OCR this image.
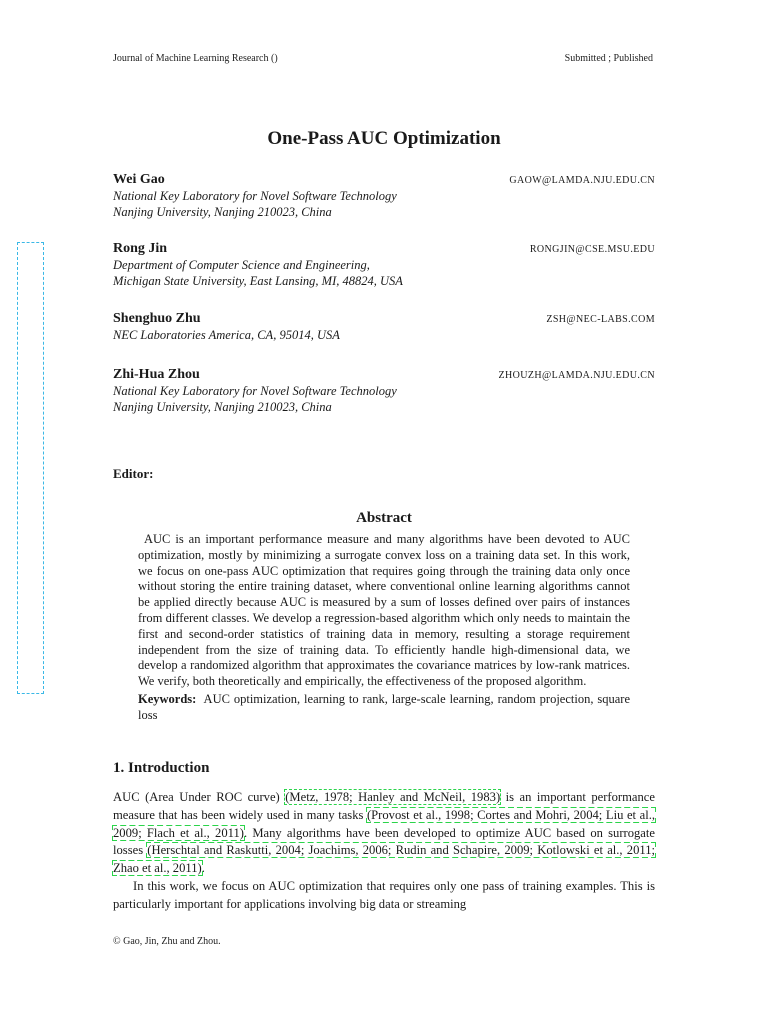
Journal of Machine Learning Research ()	Submitted ; Published
One-Pass AUC Optimization
Wei Gao	GAOW@LAMDA.NJU.EDU.CN
National Key Laboratory for Novel Software Technology
Nanjing University, Nanjing 210023, China
Rong Jin	RONGJIN@CSE.MSU.EDU
Department of Computer Science and Engineering,
Michigan State University, East Lansing, MI, 48824, USA
Shenghuo Zhu	ZSH@NEC-LABS.COM
NEC Laboratories America, CA, 95014, USA
Zhi-Hua Zhou	ZHOUZH@LAMDA.NJU.EDU.CN
National Key Laboratory for Novel Software Technology
Nanjing University, Nanjing 210023, China
Editor:
Abstract

AUC is an important performance measure and many algorithms have been devoted to AUC optimization, mostly by minimizing a surrogate convex loss on a training data set. In this work, we focus on one-pass AUC optimization that requires going through the training data only once without storing the entire training dataset, where conventional online learning algorithms cannot be applied directly because AUC is measured by a sum of losses defined over pairs of instances from different classes. We develop a regression-based algorithm which only needs to maintain the first and second-order statistics of training data in memory, resulting a storage requirement independent from the size of training data. To efficiently handle high-dimensional data, we develop a randomized algorithm that approximates the covariance matrices by low-rank matrices. We verify, both theoretically and empirically, the effectiveness of the proposed algorithm.

Keywords: AUC optimization, learning to rank, large-scale learning, random projection, square loss
1. Introduction

AUC (Area Under ROC curve) (Metz, 1978; Hanley and McNeil, 1983) is an important performance measure that has been widely used in many tasks (Provost et al., 1998; Cortes and Mohri, 2004; Liu et al., 2009; Flach et al., 2011). Many algorithms have been developed to optimize AUC based on surrogate losses (Herschtal and Raskutti, 2004; Joachims, 2006; Rudin and Schapire, 2009; Kotlowski et al., 2011; Zhao et al., 2011).

In this work, we focus on AUC optimization that requires only one pass of training examples. This is particularly important for applications involving big data or streaming

© Gao, Jin, Zhu and Zhou.
